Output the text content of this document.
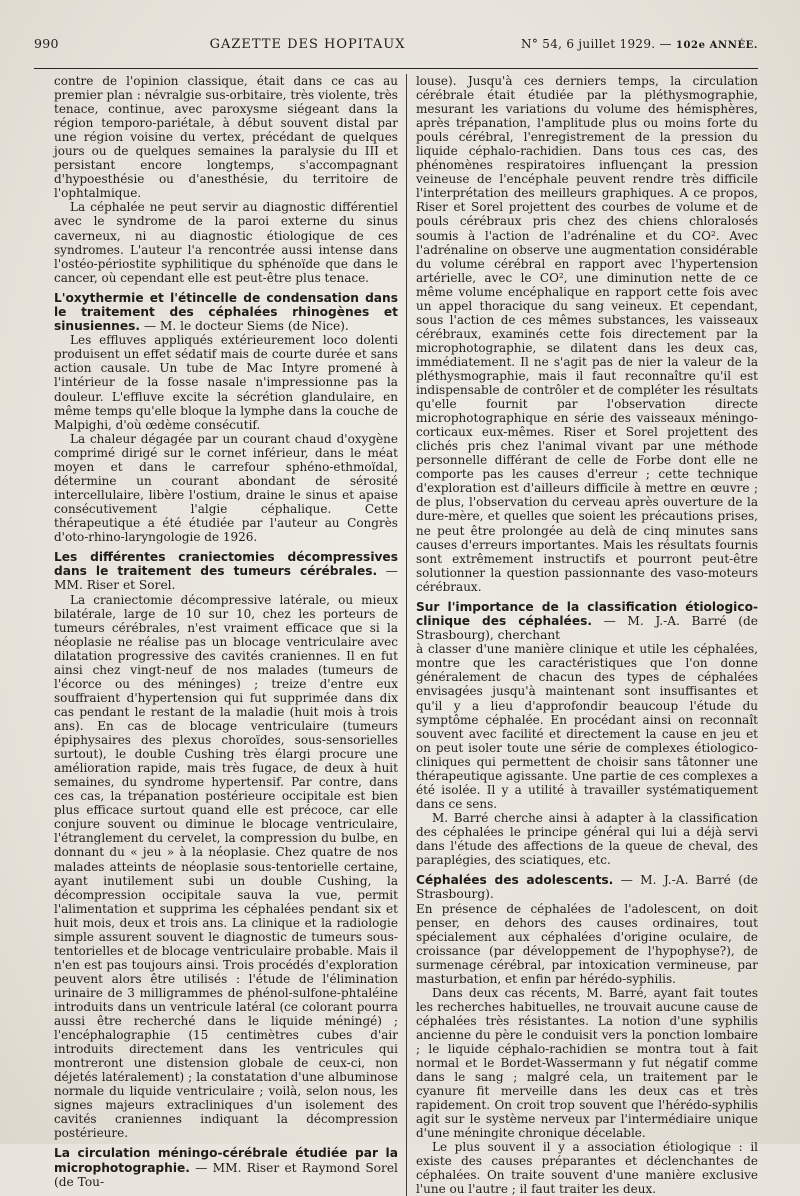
990	GAZETTE DES HOPITAUX	N° 54, 6 juillet 1929. — 102e ANNÉE.

contre de l'opinion classique, était dans ce cas au premier plan : névralgie sus-orbitaire, très violente, très tenace, continue, avec paroxysme siégeant dans la région temporo-pariétale, à début souvent distal par une région voisine du vertex, précédant de quelques jours ou de quelques semaines la paralysie du III et persistant encore longtemps, s'accompagnant d'hypoesthésie ou d'anesthésie, du territoire de l'ophtalmique.

La céphalée ne peut servir au diagnostic différentiel avec le syndrome de la paroi externe du sinus caverneux, ni au diagnostic étiologique de ces syndromes. L'auteur l'a rencontrée aussi intense dans l'ostéo-périostite syphilitique du sphénoïde que dans le cancer, où cependant elle est peut-être plus tenace.

L'oxythermie et l'étincelle de condensation dans le traitement des céphalées rhinogènes et sinusiennes. — M. le docteur Siems (de Nice).

Les effluves appliqués extérieurement loco dolenti produisent un effet sédatif mais de courte durée et sans action causale. Un tube de Mac Intyre promené à l'intérieur de la fosse nasale n'impressionne pas la douleur. L'effluve excite la sécrétion glandulaire, en même temps qu'elle bloque la lymphe dans la couche de Malpighi, d'où œdème consécutif.

La chaleur dégagée par un courant chaud d'oxygène comprimé dirigé sur le cornet inférieur, dans le méat moyen et dans le carrefour sphéno-ethmoïdal, détermine un courant abondant de sérosité intercellulaire, libère l'ostium, draine le sinus et apaise consécutivement l'algie céphalique. Cette thérapeutique a été étudiée par l'auteur au Congrès d'oto-rhino-laryngologie de 1926.

Les différentes craniectomies décompressives dans le traitement des tumeurs cérébrales. — MM. Riser et Sorel.

La craniectomie décompressive latérale, ou mieux bilatérale, large de 10 sur 10, chez les porteurs de tumeurs cérébrales, n'est vraiment efficace que si la néoplasie ne réalise pas un blocage ventriculaire avec dilatation progressive des cavités craniennes. Il en fut ainsi chez vingt-neuf de nos malades (tumeurs de l'écorce ou des méninges) ; treize d'entre eux souffraient d'hypertension qui fut supprimée dans dix cas pendant le restant de la maladie (huit mois à trois ans). En cas de blocage ventriculaire (tumeurs épiphysaires des plexus choroïdes, sous-sensorielles surtout), le double Cushing très élargi procure une amélioration rapide, mais très fugace, de deux à huit semaines, du syndrome hypertensif. Par contre, dans ces cas, la trépanation postérieure occipitale est bien plus efficace surtout quand elle est précoce, car elle conjure souvent ou diminue le blocage ventriculaire, l'étranglement du cervelet, la compression du bulbe, en donnant du « jeu » à la néoplasie. Chez quatre de nos malades atteints de néoplasie sous-tentorielle certaine, ayant inutilement subi un double Cushing, la décompression occipitale sauva la vue, permit l'alimentation et supprima les céphalées pendant six et huit mois, deux et trois ans. La clinique et la radiologie simple assurent souvent le diagnostic de tumeurs sous-tentorielles et de blocage ventriculaire probable. Mais il n'en est pas toujours ainsi. Trois procédés d'exploration peuvent alors être utilisés : l'étude de l'élimination urinaire de 3 milligrammes de phénol-sulfone-phtaléine introduits dans un ventricule latéral (ce colorant pourra aussi être recherché dans le liquide méningé) ; l'encéphalographie (15 centimètres cubes d'air introduits directement dans les ventricules qui montreront une distension globale de ceux-ci, non déjetés latéralement) ; la constatation d'une albuminose normale du liquide ventriculaire ; voilà, selon nous, les signes majeurs extracliniques d'un isolement des cavités craniennes indiquant la décompression postérieure.

La circulation méningo-cérébrale étudiée par la microphotographie. — MM. Riser et Raymond Sorel (de Tou-

louse). Jusqu'à ces derniers temps, la circulation cérébrale était étudiée par la pléthysmographie, mesurant les variations du volume des hémisphères, après trépanation, l'amplitude plus ou moins forte du pouls cérébral, l'enregistrement de la pression du liquide céphalo-rachidien. Dans tous ces cas, des phénomènes respiratoires influençant la pression veineuse de l'encéphale peuvent rendre très difficile l'interprétation des meilleurs graphiques. A ce propos, Riser et Sorel projettent des courbes de volume et de pouls cérébraux pris chez des chiens chloralosés soumis à l'action de l'adrénaline et du CO². Avec l'adrénaline on observe une augmentation considérable du volume cérébral en rapport avec l'hypertension artérielle, avec le CO², une diminution nette de ce même volume encéphalique en rapport cette fois avec un appel thoracique du sang veineux. Et cependant, sous l'action de ces mêmes substances, les vaisseaux cérébraux, examinés cette fois directement par la microphotographie, se dilatent dans les deux cas, immédiatement. Il ne s'agit pas de nier la valeur de la pléthysmographie, mais il faut reconnaître qu'il est indispensable de contrôler et de compléter les résultats qu'elle fournit par l'observation directe microphotographique en série des vaisseaux méningo-corticaux eux-mêmes. Riser et Sorel projettent des clichés pris chez l'animal vivant par une méthode personnelle différant de celle de Forbe dont elle ne comporte pas les causes d'erreur ; cette technique d'exploration est d'ailleurs difficile à mettre en œuvre ; de plus, l'observation du cerveau après ouverture de la dure-mère, et quelles que soient les précautions prises, ne peut être prolongée au delà de cinq minutes sans causes d'erreurs importantes. Mais les résultats fournis sont extrêmement instructifs et pourront peut-être solutionner la question passionnante des vaso-moteurs cérébraux.

Sur l'importance de la classification étiologico-clinique des céphalées. — M. J.-A. Barré (de Strasbourg), cherchant

à classer d'une manière clinique et utile les céphalées, montre que les caractéristiques que l'on donne généralement de chacun des types de céphalées envisagées jusqu'à maintenant sont insuffisantes et qu'il y a lieu d'approfondir beaucoup l'étude du symptôme céphalée. En procédant ainsi on reconnaît souvent avec facilité et directement la cause en jeu et on peut isoler toute une série de complexes étiologico-cliniques qui permettent de choisir sans tâtonner une thérapeutique agissante. Une partie de ces complexes a été isolée. Il y a utilité à travailler systématiquement dans ce sens.

M. Barré cherche ainsi à adapter à la classification des céphalées le principe général qui lui a déjà servi dans l'étude des affections de la queue de cheval, des paraplégies, des sciatiques, etc.

Céphalées des adolescents. — M. J.-A. Barré (de Strasbourg).

En présence de céphalées de l'adolescent, on doit penser, en dehors des causes ordinaires, tout spécialement aux céphalées d'origine oculaire, de croissance (par développement de l'hypophyse?), de surmenage cérébral, par intoxication vermineuse, par masturbation, et enfin par hérédo-syphilis.

Dans deux cas récents, M. Barré, ayant fait toutes les recherches habituelles, ne trouvait aucune cause de céphalées très résistantes. La notion d'une syphilis ancienne du père le conduisit vers la ponction lombaire ; le liquide céphalo-rachidien se montra tout à fait normal et le Bordet-Wassermann y fut négatif comme dans le sang ; malgré cela, un traitement par le cyanure fit merveille dans les deux cas et très rapidement. On croit trop souvent que l'hérédo-syphilis agit sur le système nerveux par l'intermédiaire unique d'une méningite chronique décelable.

Le plus souvent il y a association étiologique : il existe des causes préparantes et déclenchantes de céphalées. On traite souvent d'une manière exclusive l'une ou l'autre ; il faut traiter les deux.
